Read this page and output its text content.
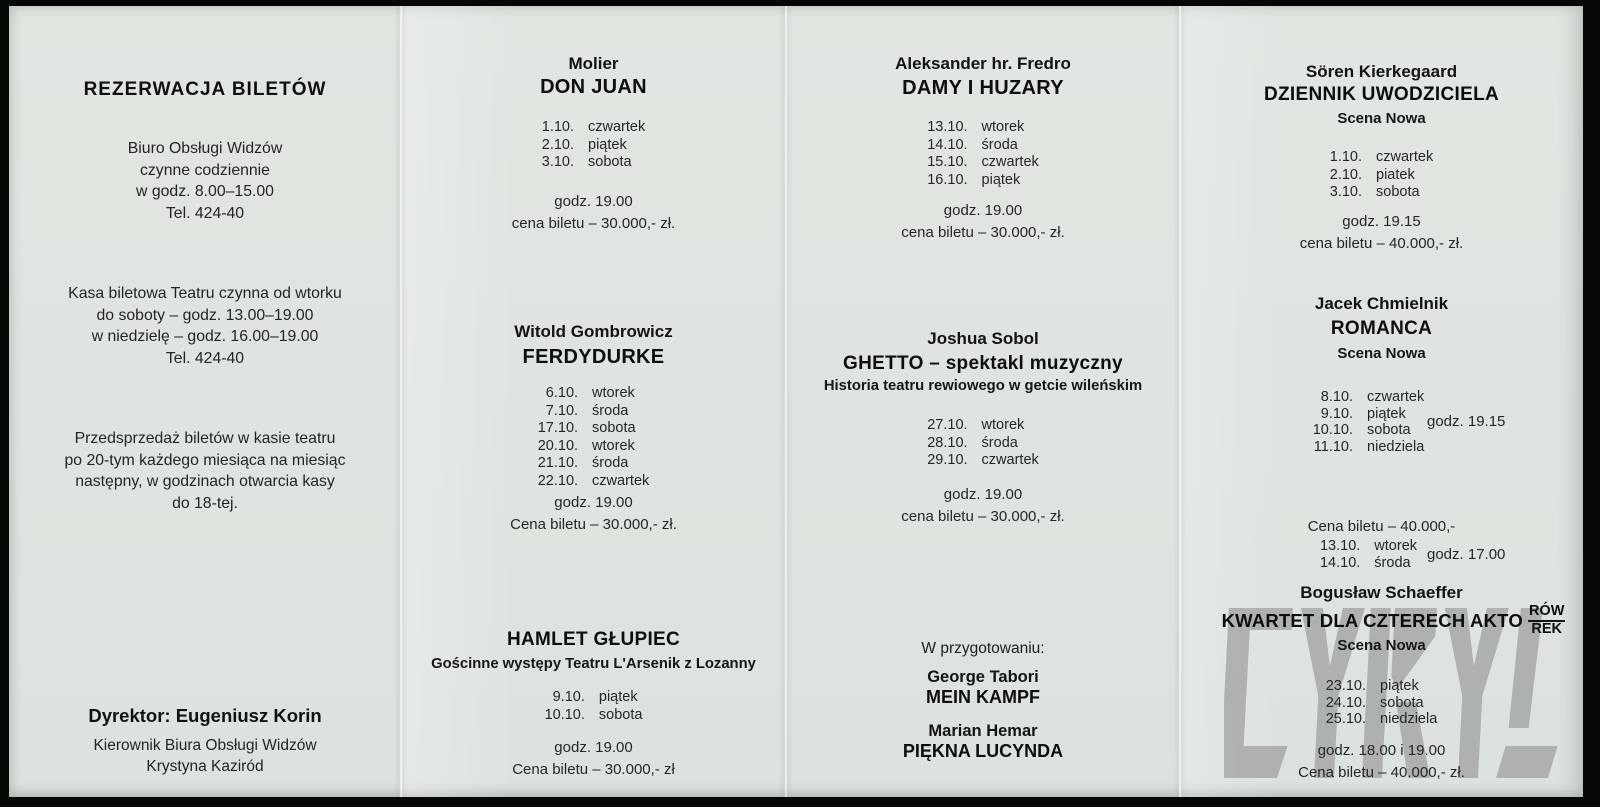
REZERWACJA BILETÓW
Biuro Obsługi Widzów
czynne codziennie
w godz. 8.00–15.00
Tel. 424-40
Kasa biletowa Teatru czynna od wtorku
do soboty – godz. 13.00–19.00
w niedzielę – godz. 16.00–19.00
Tel. 424-40
Przedsprzedaż biletów w kasie teatru
po 20-tym każdego miesiąca na miesiąc
następny, w godzinach otwarcia kasy
do 18-tej.
Dyrektor: Eugeniusz Korin
Kierownik Biura Obsługi Widzów
Krystyna Kaziród
Molier
DON JUAN
1.10. czwartek
2.10. piątek
3.10. sobota
godz. 19.00
cena biletu – 30.000,- zł.
Witold Gombrowicz
FERDYDURKE
6.10. wtorek
7.10. środa
17.10. sobota
20.10. wtorek
21.10. środa
22.10. czwartek
godz. 19.00
Cena biletu – 30.000,- zł.
HAMLET GŁUPIEC
Gościnne występy Teatru L'Arsenik z Lozanny
9.10. piątek
10.10. sobota
godz. 19.00
Cena biletu – 30.000,- zł
Aleksander hr. Fredro
DAMY I HUZARY
13.10. wtorek
14.10. środa
15.10. czwartek
16.10. piątek
godz. 19.00
cena biletu – 30.000,- zł.
Joshua Sobol
GHETTO – spektakl muzyczny
Historia teatru rewiowego w getcie wileńskim
27.10. wtorek
28.10. środa
29.10. czwartek
godz. 19.00
cena biletu – 30.000,- zł.
W przygotowaniu:
George Tabori
MEIN KAMPF
Marian Hemar
PIĘKNA LUCYNDA
Sören Kierkegaard
DZIENNIK UWODZICIELA
Scena Nowa
1.10. czwartek
2.10. piatek
3.10. sobota
godz. 19.15
cena biletu – 40.000,- zł.
Jacek Chmielnik
ROMANCA
Scena Nowa
8.10. czwartek
9.10. piątek
10.10. sobota
11.10. niedziela
godz. 19.15
13.10. wtorek
14.10. środa	godz. 17.00
Cena biletu – 40.000,-
Bogusław Schaeffer
KWARTET DLA CZTERECH AKTO RÓW
REK
Scena Nowa
23.10. piątek
24.10. sobota
25.10. niedziela
godz. 18.00 i 19.00
Cena biletu – 40.000,- zł.
